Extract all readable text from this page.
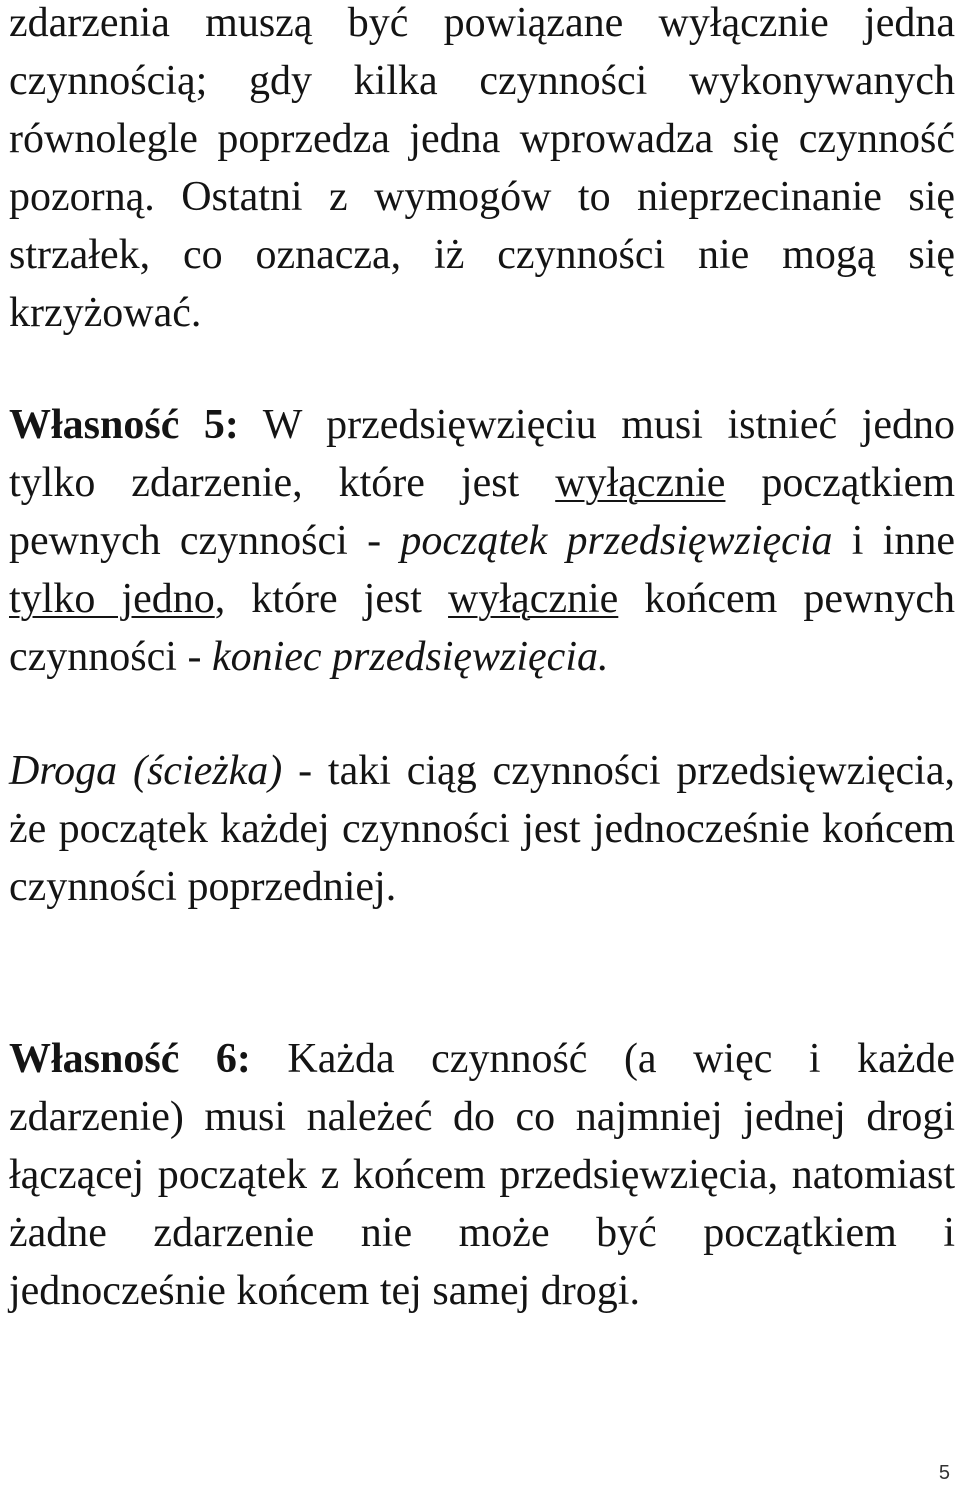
zdarzenia muszą być powiązane wyłącznie jedna czynnością; gdy kilka czynności wykonywanych równolegle poprzedza jedna wprowadza się czynność pozorną. Ostatni z wymogów to nieprzecinanie się strzałek, co oznacza, iż czynności nie mogą się krzyżować.

Własność 5: W przedsięwzięciu musi istnieć jedno tylko zdarzenie, które jest wyłącznie początkiem pewnych czynności - początek przedsięwzięcia i inne tylko jedno, które jest wyłącznie końcem pewnych czynności - koniec przedsięwzięcia.

Droga (ścieżka) - taki ciąg czynności przedsięwzięcia, że początek każdej czynności jest jednocześnie końcem czynności poprzedniej.

Własność 6: Każda czynność (a więc i każde zdarzenie) musi należeć do co najmniej jednej drogi łączącej początek z końcem przedsięwzięcia, natomiast żadne zdarzenie nie może być początkiem i jednocześnie końcem tej samej drogi.

5
